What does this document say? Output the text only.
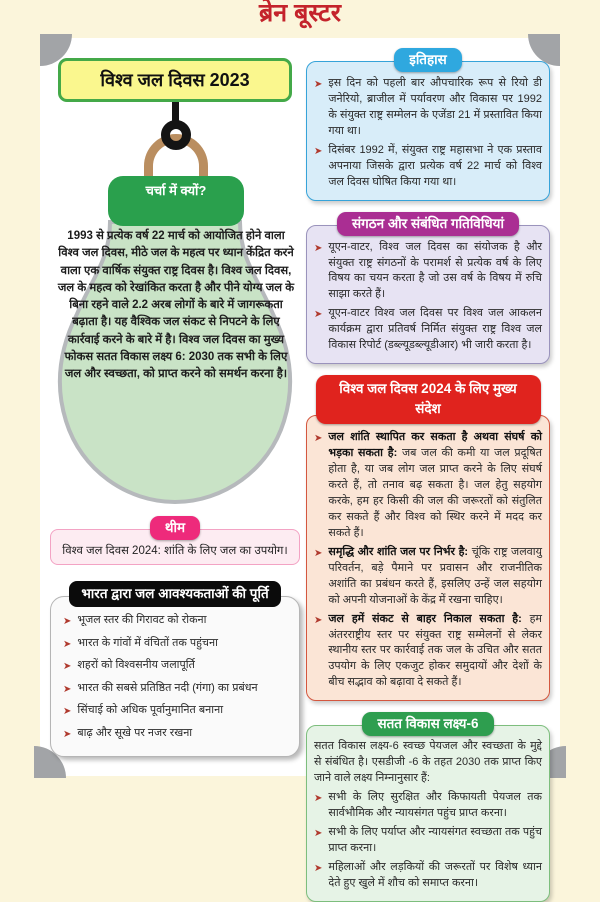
ब्रेन बूस्टर
विश्व जल दिवस 2023
चर्चा में क्यों?
1993 से प्रत्येक वर्ष 22 मार्च को आयोजित होने वाला विश्व जल दिवस, मीठे जल के महत्व पर ध्यान केंद्रित करने वाला एक वार्षिक संयुक्त राष्ट्र दिवस है। विश्व जल दिवस, जल के महत्व को रेखांकित करता है और पीने योग्य जल के बिना रहने वाले 2.2 अरब लोगों के बारे में जागरूकता बढ़ाता है। यह वैश्विक जल संकट से निपटने के लिए कार्रवाई करने के बारे में है। विश्व जल दिवस का मुख्य फोकस सतत विकास लक्ष्य 6: 2030 तक सभी के लिए जल और स्वच्छता, को प्राप्त करने को समर्थन करना है।
थीम
विश्व जल दिवस 2024: शांति के लिए जल का उपयोग।
भारत द्वारा जल आवश्यकताओं की पूर्ति
➤ भूजल स्तर की गिरावट को रोकना
➤ भारत के गांवों में वंचितों तक पहुंचना
➤ शहरों को विश्वसनीय जलापूर्ति
➤ भारत की सबसे प्रतिष्ठित नदी (गंगा) का प्रबंधन
➤ सिंचाई को अधिक पूर्वानुमानित बनाना
➤ बाढ़ और सूखे पर नजर रखना
इतिहास
➤ इस दिन को पहली बार औपचारिक रूप से रियो डी जनेरियो, ब्राजील में पर्यावरण और विकास पर 1992 के संयुक्त राष्ट्र सम्मेलन के एजेंडा 21 में प्रस्तावित किया गया था।
➤ दिसंबर 1992 में, संयुक्त राष्ट्र महासभा ने एक प्रस्ताव अपनाया जिसके द्वारा प्रत्येक वर्ष 22 मार्च को विश्व जल दिवस घोषित किया गया था।
संगठन और संबंधित गतिविधियां
➤ यूएन-वाटर, विश्व जल दिवस का संयोजक है और संयुक्त राष्ट्र संगठनों के परामर्श से प्रत्येक वर्ष के लिए विषय का चयन करता है जो उस वर्ष के विषय में रुचि साझा करते हैं।
➤ यूएन-वाटर विश्व जल दिवस पर विश्व जल आकलन कार्यक्रम द्वारा प्रतिवर्ष निर्मित संयुक्त राष्ट्र विश्व जल विकास रिपोर्ट (डब्ल्यूडब्ल्यूडीआर) भी जारी करता है।
विश्व जल दिवस 2024 के लिए मुख्य संदेश
➤ जल शांति स्थापित कर सकता है अथवा संघर्ष को भड़का सकता है: जब जल की कमी या जल प्रदूषित होता है, या जब लोग जल प्राप्त करने के लिए संघर्ष करते हैं, तो तनाव बढ़ सकता है। जल हेतु सहयोग करके, हम हर किसी की जल की जरूरतों को संतुलित कर सकते हैं और विश्व को स्थिर करने में मदद कर सकते हैं।
➤ समृद्धि और शांति जल पर निर्भर है: चूंकि राष्ट्र जलवायु परिवर्तन, बड़े पैमाने पर प्रवासन और राजनीतिक अशांति का प्रबंधन करते हैं, इसलिए उन्हें जल सहयोग को अपनी योजनाओं के केंद्र में रखना चाहिए।
➤ जल हमें संकट से बाहर निकाल सकता है: हम अंतरराष्ट्रीय स्तर पर संयुक्त राष्ट्र सम्मेलनों से लेकर स्थानीय स्तर पर कार्रवाई तक जल के उचित और सतत उपयोग के लिए एकजुट होकर समुदायों और देशों के बीच सद्भाव को बढ़ावा दे सकते हैं।
सतत विकास लक्ष्य-6
सतत विकास लक्ष्य-6 स्वच्छ पेयजल और स्वच्छता के मुद्दे से संबंधित है। एसडीजी -6 के तहत 2030 तक प्राप्त किए जाने वाले लक्ष्य निम्नानुसार हैं:
➤ सभी के लिए सुरक्षित और किफायती पेयजल तक सार्वभौमिक और न्यायसंगत पहुंच प्राप्त करना।
➤ सभी के लिए पर्याप्त और न्यायसंगत स्वच्छता तक पहुंच प्राप्त करना।
➤ महिलाओं और लड़कियों की जरूरतों पर विशेष ध्यान देते हुए खुले में शौच को समाप्त करना।
